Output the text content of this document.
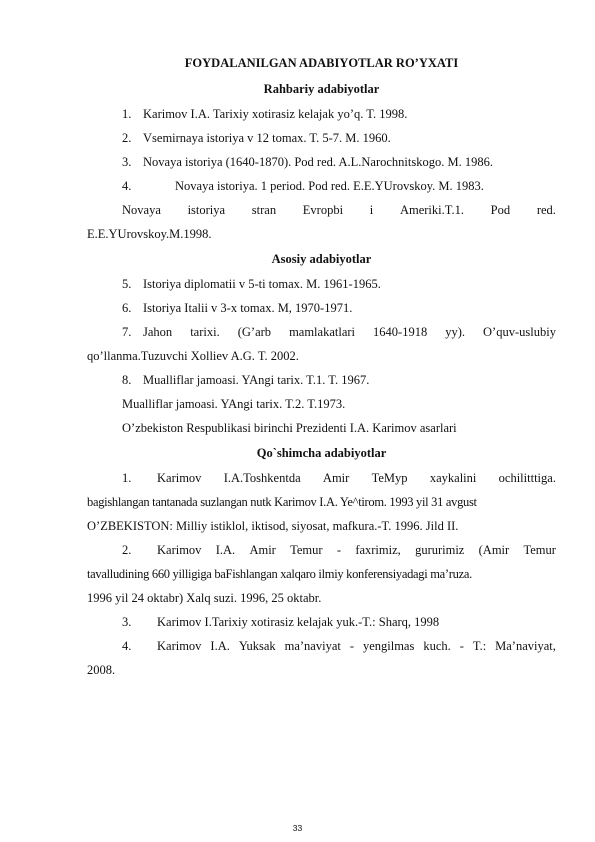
FOYDALANILGAN ADABIYOTLAR RO’YXATI
Rahbariy adabiyotlar
1. Karimov I.A. Tarixiy xotirasiz kelajak yo’q. T. 1998.
2. Vsemirnaya istoriya v 12 tomax. T. 5-7. M. 1960.
3. Novaya istoriya (1640-1870). Pod red. A.L.Narochnitskogo. M. 1986.
4.	Novaya istoriya. 1 period. Pod red. E.E.YUrovskoy. M. 1983.
Novaya istoriya stran Evropbi i Ameriki.T.1. Pod red.
E.E.YUrovskoy.M.1998.
Asosiy adabiyotlar
5. Istoriya diplomatii v 5-ti tomax. M. 1961-1965.
6. Istoriya Italii v 3-x tomax. M, 1970-1971.
7. Jahon tarixi. (G’arb mamlakatlari 1640-1918 yy). O’quv-uslubiy
qo’llanma.Tuzuvchi Xolliev A.G. T. 2002.
8. Mualliflar jamoasi. YAngi tarix. T.1. T. 1967.
Mualliflar jamoasi. YAngi tarix. T.2. T.1973.
O’zbekiston Respublikasi birinchi Prezidenti I.A. Karimov asarlari
Qo`shimcha adabiyotlar
1. Karimov I.A.Toshkentda Amir TeMyp xaykalini ochilitttiga.
bagishlangan tantanada suzlangan nutk Karimov I.A. Ye^tirom. 1993 yil 31 avgust
O’ZBEKISTON: Milliy istiklol, iktisod, siyosat, mafkura.-T. 1996. Jild II.
2. Karimov I.A. Amir Temur - faxrimiz, gururimiz (Amir Temur
tavalludining 660 yilligiga baFishlangan xalqaro ilmiy konferensiyadagi ma’ruza.
1996 yil 24 oktabr) Xalq suzi. 1996, 25 oktabr.
3. Karimov I.Tarixiy xotirasiz kelajak yuk.-T.: Sharq, 1998
4. Karimov I.A. Yuksak ma’naviyat - yengilmas kuch. - T.: Ma’naviyat,
2008.
33
